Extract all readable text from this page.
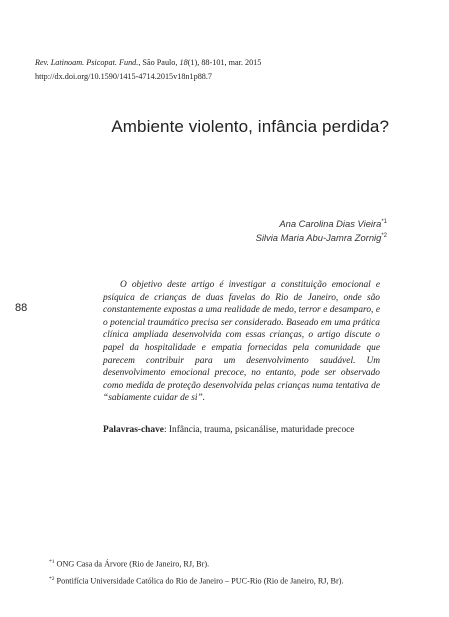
Rev. Latinoam. Psicopat. Fund., São Paulo, 18(1), 88-101, mar. 2015
http://dx.doi.org/10.1590/1415-4714.2015v18n1p88.7
Ambiente violento, infância perdida?
Ana Carolina Dias Vieira$^{*1}$
Silvia Maria Abu-Jamra Zornig$^{*2}$
88
O objetivo deste artigo é investigar a constituição emocional e psíquica de crianças de duas favelas do Rio de Janeiro, onde são constantemente expostas a uma realidade de medo, terror e desamparo, e o potencial traumático precisa ser considerado. Baseado em uma prática clínica ampliada desenvolvida com essas crianças, o artigo discute o papel da hospitalidade e empatia fornecidas pela comunidade que parecem contribuir para um desenvolvimento saudável. Um desenvolvimento emocional precoce, no entanto, pode ser observado como medida de proteção desenvolvida pelas crianças numa tentativa de “sabiamente cuidar de si”.
Palavras-chave: Infância, trauma, psicanálise, maturidade precoce
$^{*1}$ ONG Casa da Árvore (Rio de Janeiro, RJ, Br).
$^{*2}$ Pontifícia Universidade Católica do Rio de Janeiro – PUC-Rio (Rio de Janeiro, RJ, Br).
